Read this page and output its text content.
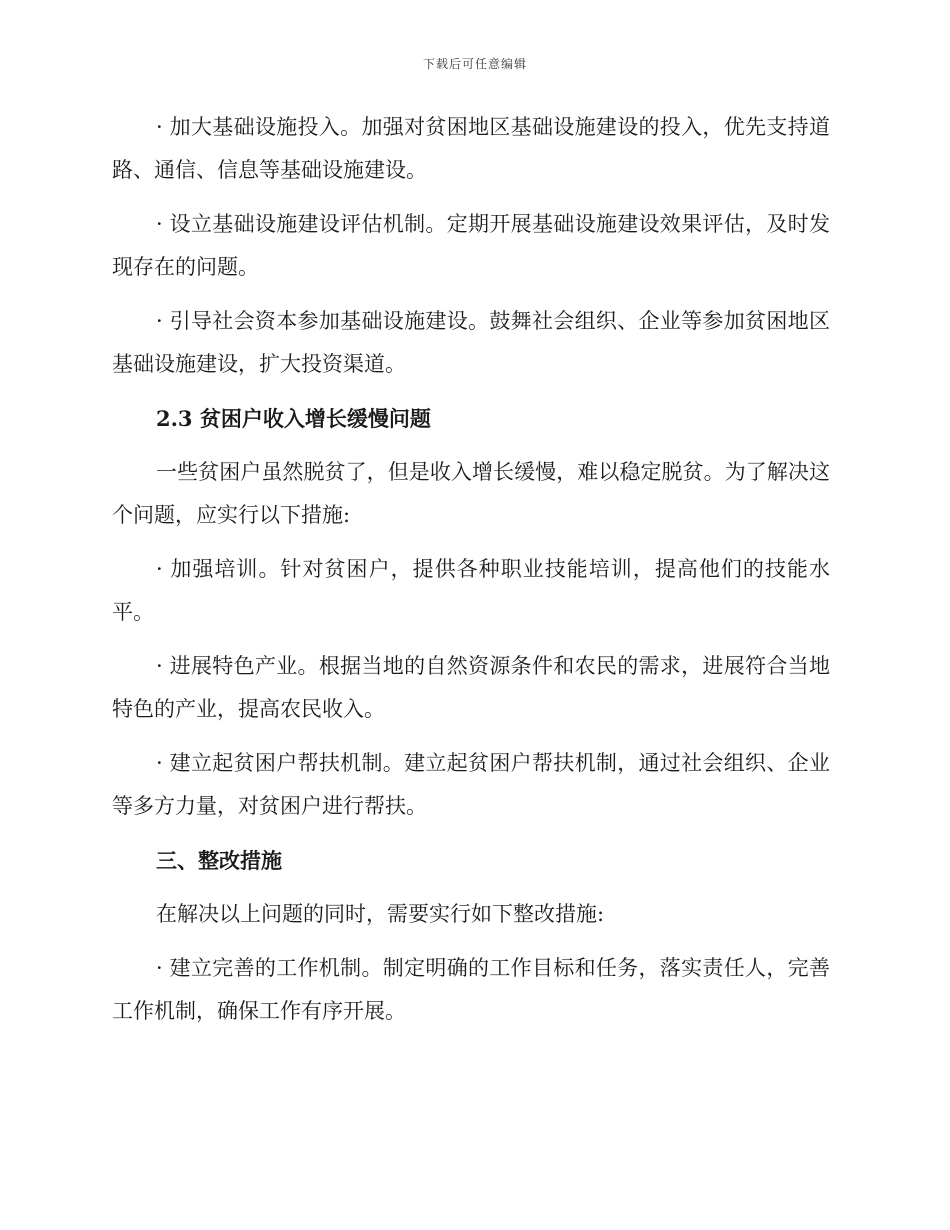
下载后可任意编辑

· 加大基础设施投入。加强对贫困地区基础设施建设的投入，优先支持道路、通信、信息等基础设施建设。

· 设立基础设施建设评估机制。定期开展基础设施建设效果评估，及时发现存在的问题。

· 引导社会资本参加基础设施建设。鼓舞社会组织、企业等参加贫困地区基础设施建设，扩大投资渠道。

2.3 贫困户收入增长缓慢问题

一些贫困户虽然脱贫了，但是收入增长缓慢，难以稳定脱贫。为了解决这个问题，应实行以下措施:

· 加强培训。针对贫困户，提供各种职业技能培训，提高他们的技能水平。

· 进展特色产业。根据当地的自然资源条件和农民的需求，进展符合当地特色的产业，提高农民收入。

· 建立起贫困户帮扶机制。建立起贫困户帮扶机制，通过社会组织、企业等多方力量，对贫困户进行帮扶。

三、整改措施

在解决以上问题的同时，需要实行如下整改措施:

· 建立完善的工作机制。制定明确的工作目标和任务，落实责任人，完善工作机制，确保工作有序开展。
